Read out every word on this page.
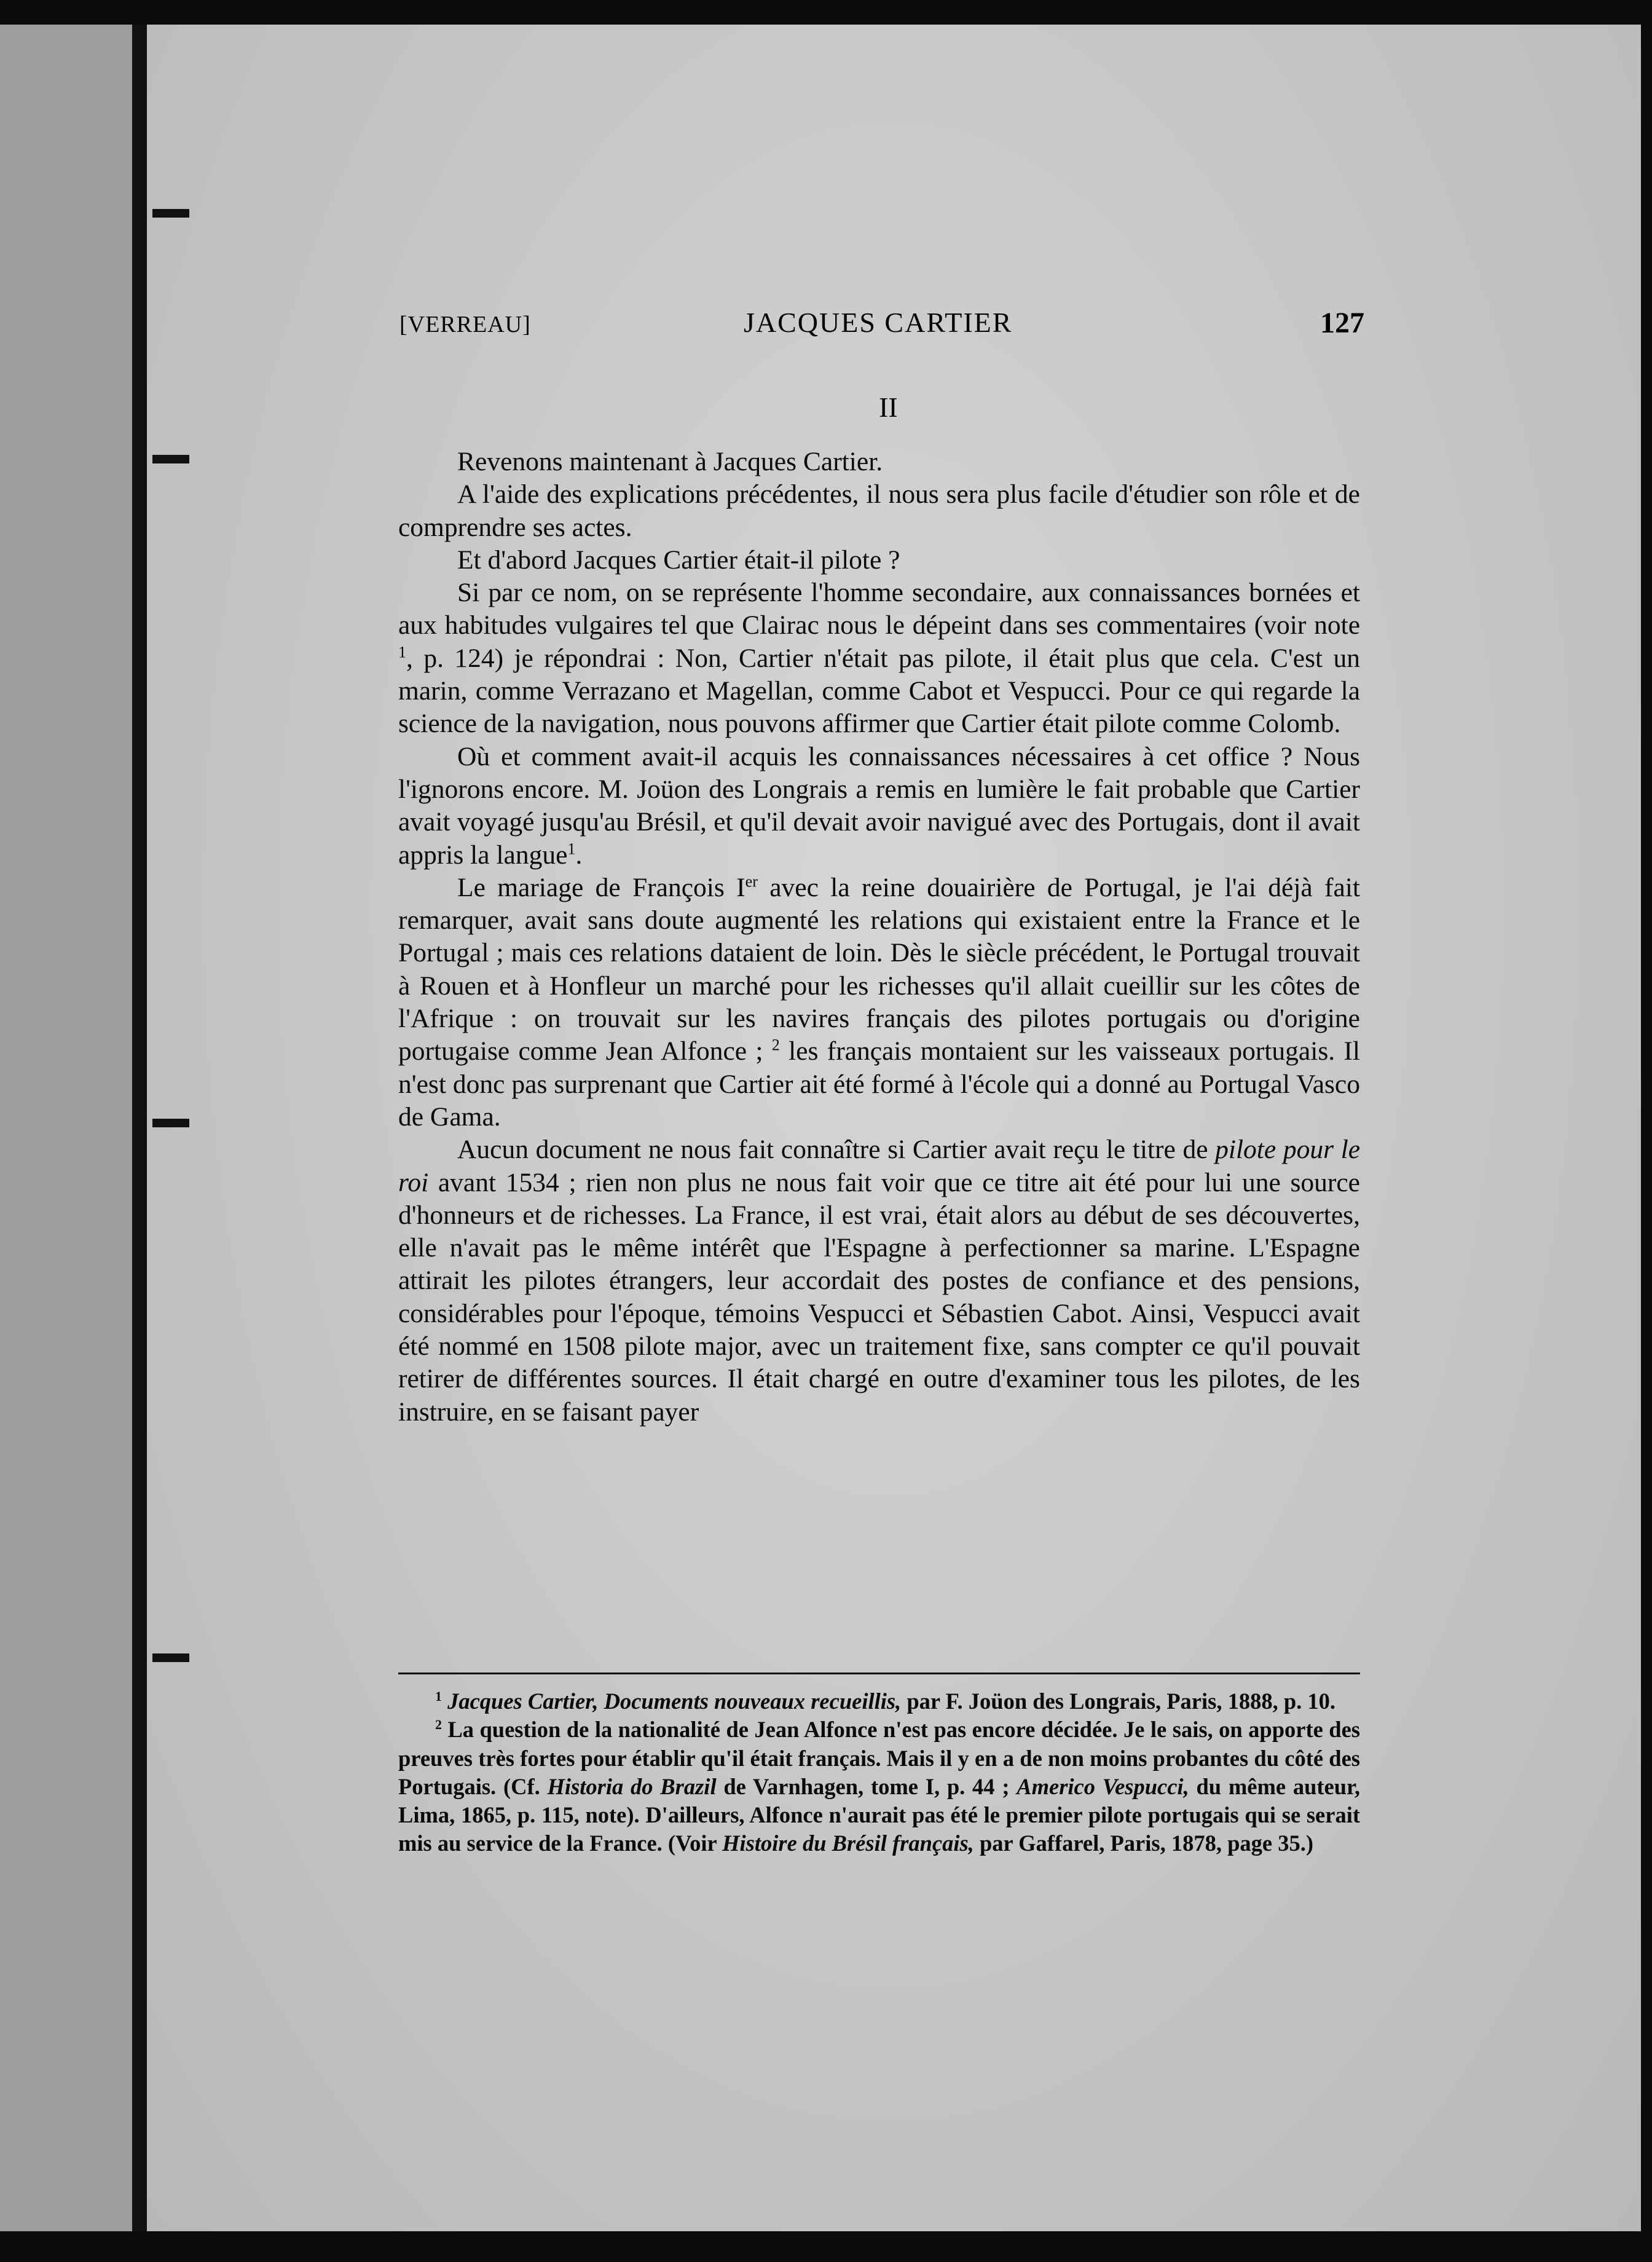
[VERREAU]	JACQUES CARTIER	127
II

Revenons maintenant à Jacques Cartier.

A l'aide des explications précédentes, il nous sera plus facile d'étudier son rôle et de comprendre ses actes.

Et d'abord Jacques Cartier était-il pilote ?

Si par ce nom, on se représente l'homme secondaire, aux connaissances bornées et aux habitudes vulgaires tel que Clairac nous le dépeint dans ses commentaires (voir note $^1$, p. 124) je répondrai : Non, Cartier n'était pas pilote, il était plus que cela. C'est un marin, comme Verrazano et Magellan, comme Cabot et Vespucci. Pour ce qui regarde la science de la navigation, nous pouvons affirmer que Cartier était pilote comme Colomb.

Où et comment avait-il acquis les connaissances nécessaires à cet office ? Nous l'ignorons encore. M. Joüon des Longrais a remis en lumière le fait probable que Cartier avait voyagé jusqu'au Brésil, et qu'il devait avoir navigué avec des Portugais, dont il avait appris la langue$^1$.

Le mariage de François Ier avec la reine douairière de Portugal, je l'ai déjà fait remarquer, avait sans doute augmenté les relations qui existaient entre la France et le Portugal ; mais ces relations dataient de loin. Dès le siècle précédent, le Portugal trouvait à Rouen et à Honfleur un marché pour les richesses qu'il allait cueillir sur les côtes de l'Afrique : on trouvait sur les navires français des pilotes portugais ou d'origine portugaise comme Jean Alfonce ; $^2$ les français montaient sur les vaisseaux portugais. Il n'est donc pas surprenant que Cartier ait été formé à l'école qui a donné au Portugal Vasco de Gama.

Aucun document ne nous fait connaître si Cartier avait reçu le titre de pilote pour le roi avant 1534 ; rien non plus ne nous fait voir que ce titre ait été pour lui une source d'honneurs et de richesses. La France, il est vrai, était alors au début de ses découvertes, elle n'avait pas le même intérêt que l'Espagne à perfectionner sa marine. L'Espagne attirait les pilotes étrangers, leur accordait des postes de confiance et des pensions, considérables pour l'époque, témoins Vespucci et Sébastien Cabot. Ainsi, Vespucci avait été nommé en 1508 pilote major, avec un traitement fixe, sans compter ce qu'il pouvait retirer de différentes sources. Il était chargé en outre d'examiner tous les pilotes, de les instruire, en se faisant payer

$^1$ Jacques Cartier, Documents nouveaux recueillis, par F. Joüon des Longrais, Paris, 1888, p. 10.

$^2$ La question de la nationalité de Jean Alfonce n'est pas encore décidée. Je le sais, on apporte des preuves très fortes pour établir qu'il était français. Mais il y en a de non moins probantes du côté des Portugais. (Cf. Historia do Brazil de Varnhagen, tome I, p. 44 ; Americo Vespucci, du même auteur, Lima, 1865, p. 115, note). D'ailleurs, Alfonce n'aurait pas été le premier pilote portugais qui se serait mis au service de la France. (Voir Histoire du Brésil français, par Gaffarel, Paris, 1878, page 35.)
